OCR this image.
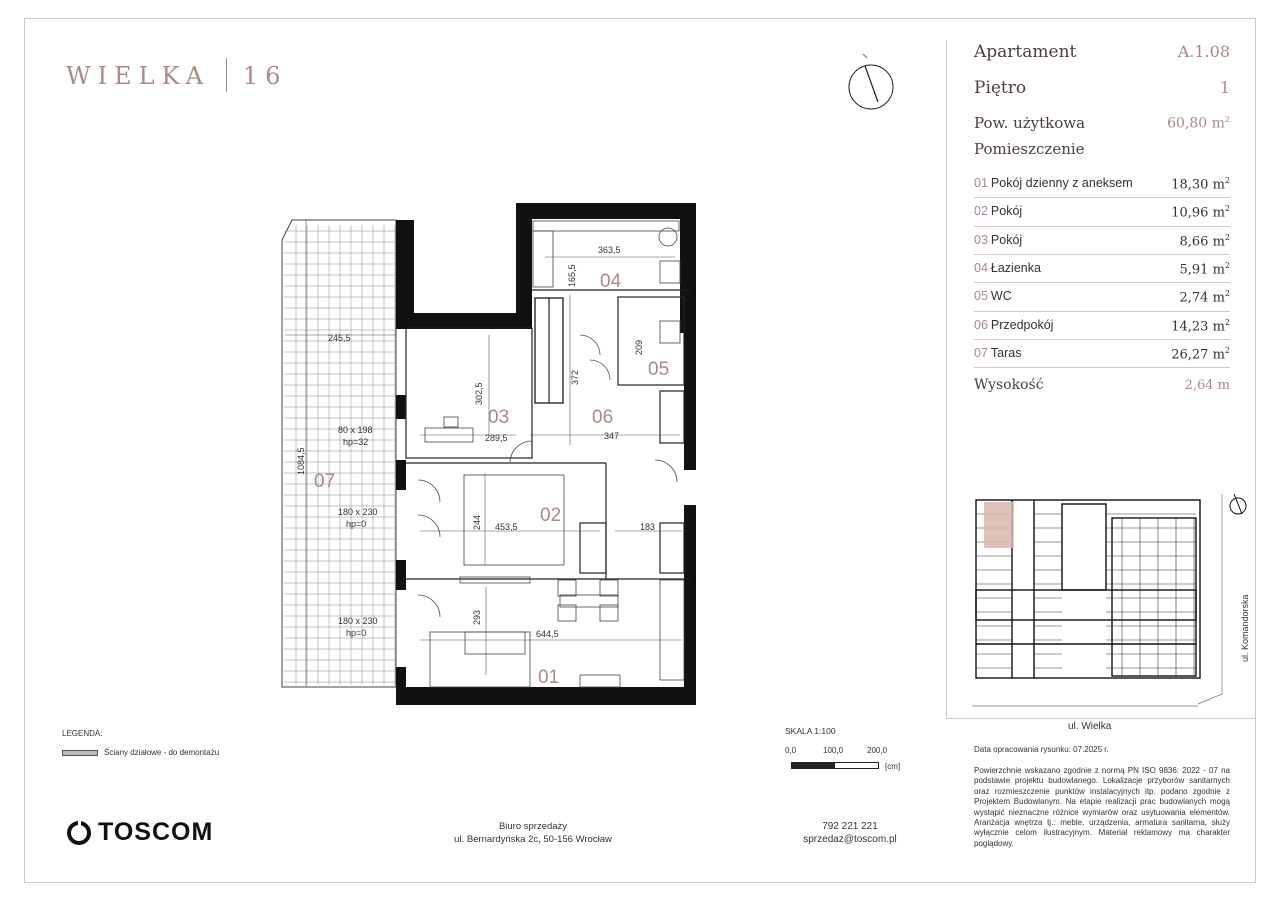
WIELKA 16
Apartament	A.1.08
Piętro	1
Pow. użytkowa	60,80 $m^2$
Pomieszczenie
01 Pokój dzienny z aneksem	18,30 $m^2$
02 Pokój	10,96 $m^2$
03 Pokój	8,66 $m^2$
04 Łazienka	5,91 $m^2$
05 WC	2,74 $m^2$
06 Przedpokój	14,23 $m^2$
07 Taras	26,27 $m^2$
Wysokość	2,64 m
01
02
03
04
05
06
07
363,5
165,5
245,5
302,5
289,5
372
209
347
1084,5
80 x 198
hp=32
244 453,5	183
180 x 230
hp=0
293
644,5
180 x 230
hp=0	ul. Komandorska
ul. Wielka
LEGENDA:
Ściany działowe - do demontażu
SKALA 1:100
0,0	100,0	200,0
[cm]
Data opracowania rysunku: 07.2025 r.
Powierzchnie wskazano zgodnie z normą PN ISO 9836: 2022 - 07 na podstawie projektu budowlanego. Lokalizacje przyborów sanitarnych oraz rozmieszczenie punktów instalacyjnych itp. podano zgodnie z Projektem Budowlanym. Na etapie realizacji prac budowlanych mogą wystąpić nieznaczne różnice wymiarów oraz usytuowania elementów. Aranżacja wnętrza tj.: meble, urządzenia, armatura sanitarna, służy wyłącznie celom ilustracyjnym. Materiał reklamowy ma charakter poglądowy.
TOSCOM	Biuro sprzedaży
ul. Bernardyńska 2c, 50-156 Wrocław
792 221 221
sprzedaz@toscom.pl
